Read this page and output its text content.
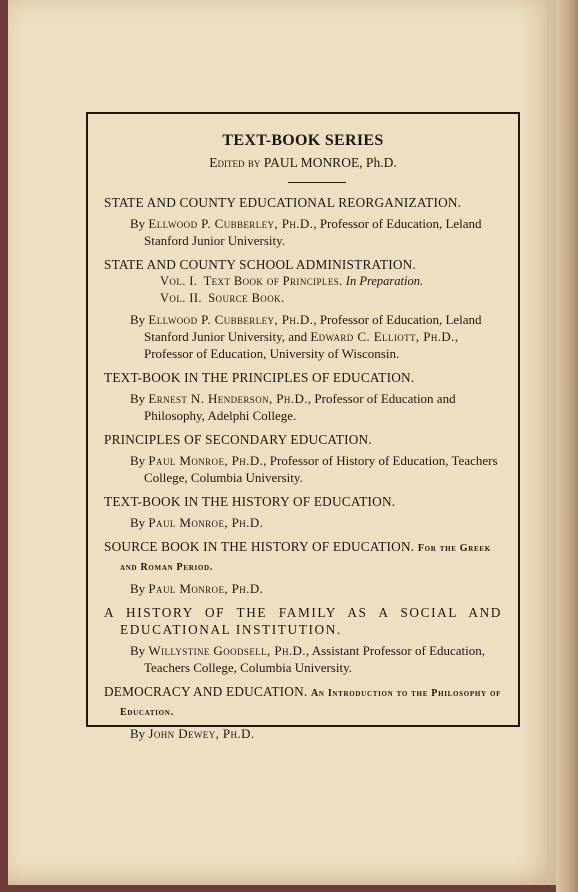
TEXT-BOOK SERIES
Edited by PAUL MONROE, Ph.D.
STATE AND COUNTY EDUCATIONAL REORGANIZATION.
By Ellwood P. Cubberley, Ph.D., Professor of Education, Leland Stanford Junior University.
STATE AND COUNTY SCHOOL ADMINISTRATION.
Vol. I. Text Book of Principles. In Preparation.
Vol. II. Source Book.
By Ellwood P. Cubberley, Ph.D., Professor of Education, Leland Stanford Junior University, and Edward C. Elliott, Ph.D., Professor of Education, University of Wisconsin.
TEXT-BOOK IN THE PRINCIPLES OF EDUCATION.
By Ernest N. Henderson, Ph.D., Professor of Education and Philosophy, Adelphi College.
PRINCIPLES OF SECONDARY EDUCATION.
By Paul Monroe, Ph.D., Professor of History of Education, Teachers College, Columbia University.
TEXT-BOOK IN THE HISTORY OF EDUCATION.
By Paul Monroe, Ph.D.
SOURCE BOOK IN THE HISTORY OF EDUCATION. For the Greek and Roman Period.
By Paul Monroe, Ph.D.
A HISTORY OF THE FAMILY AS A SOCIAL AND EDUCATIONAL INSTITUTION.
By Willystine Goodsell, Ph.D., Assistant Professor of Education, Teachers College, Columbia University.
DEMOCRACY AND EDUCATION. An Introduction to the Philosophy of Education.
By John Dewey, Ph.D.
